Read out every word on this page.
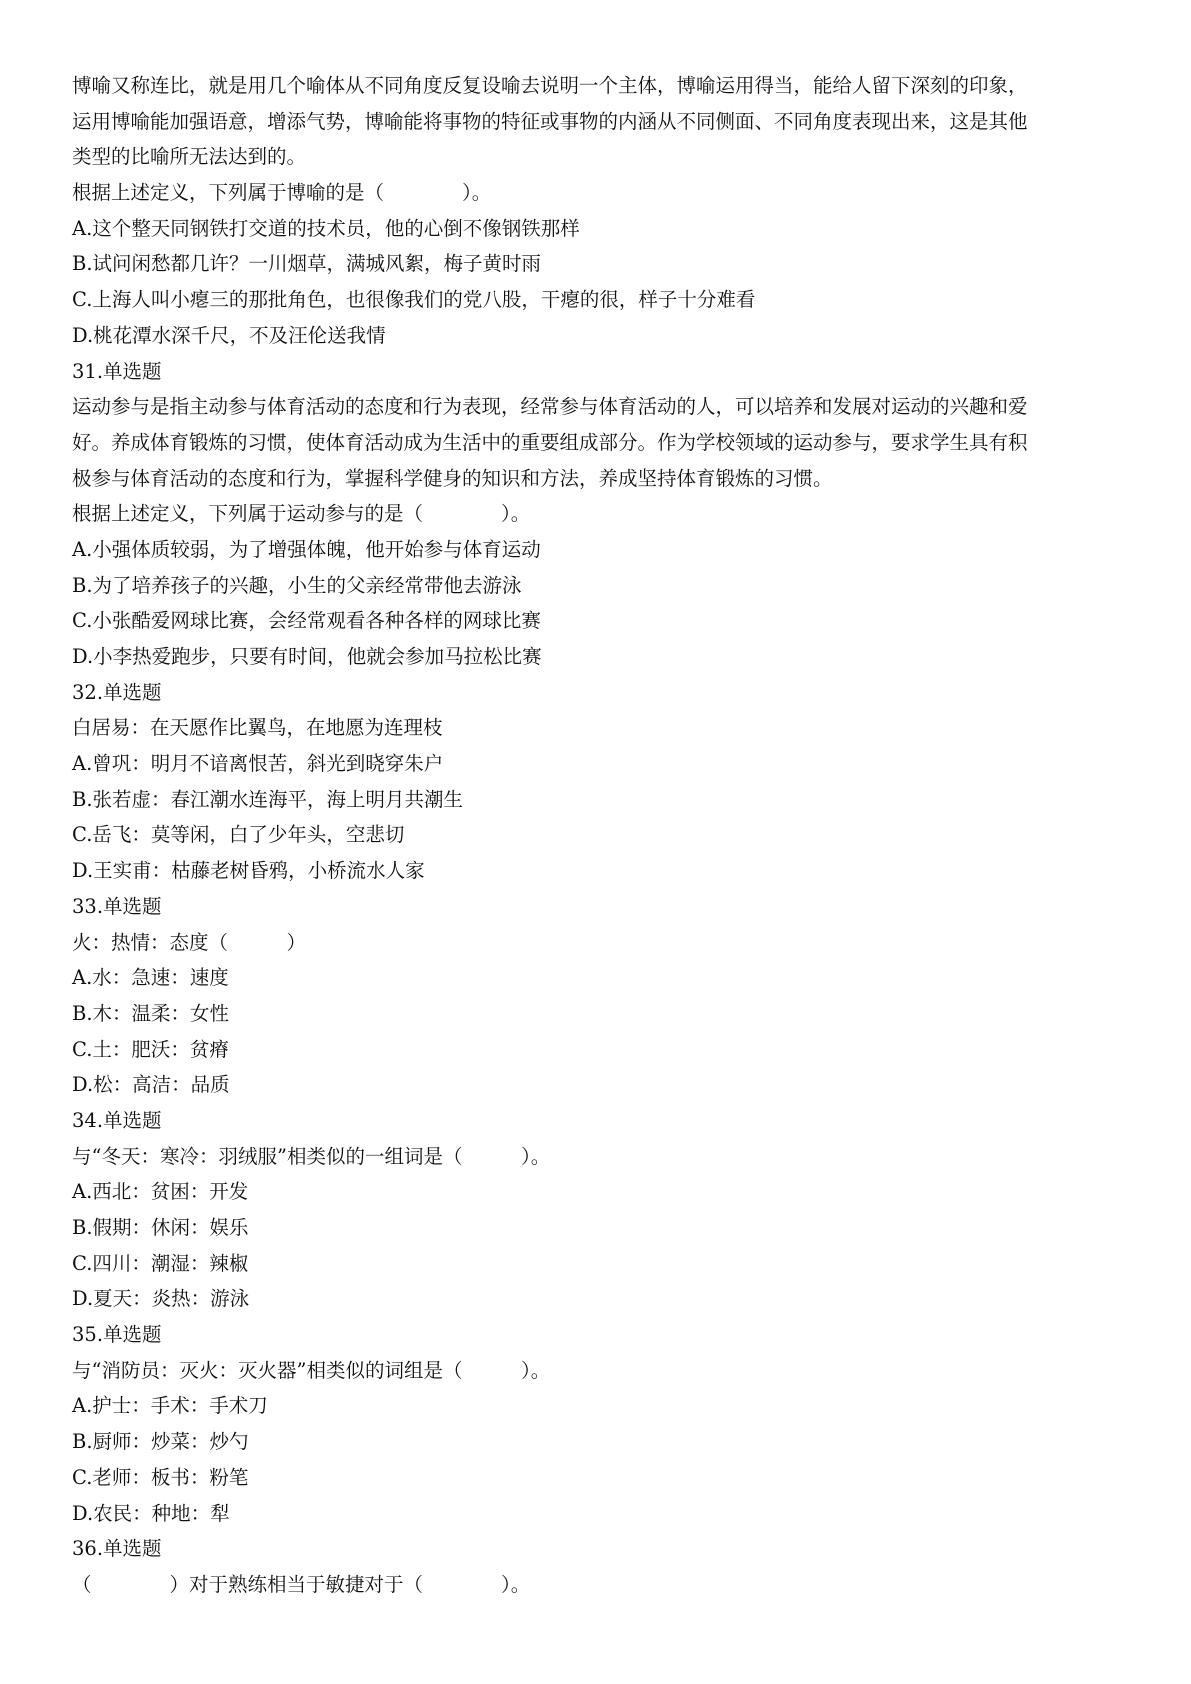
博喻又称连比，就是用几个喻体从不同角度反复设喻去说明一个主体，博喻运用得当，能给人留下深刻的印象，
运用博喻能加强语意，增添气势，博喻能将事物的特征或事物的内涵从不同侧面、不同角度表现出来，这是其他
类型的比喻所无法达到的。
根据上述定义，下列属于博喻的是（　　　　）。
A.这个整天同钢铁打交道的技术员，他的心倒不像钢铁那样
B.试问闲愁都几许？一川烟草，满城风絮，梅子黄时雨
C.上海人叫小瘪三的那批角色，也很像我们的党八股，干瘪的很，样子十分难看
D.桃花潭水深千尺，不及汪伦送我情
31.单选题
运动参与是指主动参与体育活动的态度和行为表现，经常参与体育活动的人，可以培养和发展对运动的兴趣和爱
好。养成体育锻炼的习惯，使体育活动成为生活中的重要组成部分。作为学校领域的运动参与，要求学生具有积
极参与体育活动的态度和行为，掌握科学健身的知识和方法，养成坚持体育锻炼的习惯。
根据上述定义，下列属于运动参与的是（　　　　）。
A.小强体质较弱，为了增强体魄，他开始参与体育运动
B.为了培养孩子的兴趣，小生的父亲经常带他去游泳
C.小张酷爱网球比赛，会经常观看各种各样的网球比赛
D.小李热爱跑步，只要有时间，他就会参加马拉松比赛
32.单选题
白居易：在天愿作比翼鸟，在地愿为连理枝
A.曾巩：明月不谙离恨苦，斜光到晓穿朱户
B.张若虚：春江潮水连海平，海上明月共潮生
C.岳飞：莫等闲，白了少年头，空悲切
D.王实甫：枯藤老树昏鸦，小桥流水人家
33.单选题
火：热情：态度（　　　）
A.水：急速：速度
B.木：温柔：女性
C.土：肥沃：贫瘠
D.松：高洁：品质
34.单选题
与“冬天：寒冷：羽绒服”相类似的一组词是（　　　）。
A.西北：贫困：开发
B.假期：休闲：娱乐
C.四川：潮湿：辣椒
D.夏天：炎热：游泳
35.单选题
与“消防员：灭火：灭火器”相类似的词组是（　　　）。
A.护士：手术：手术刀
B.厨师：炒菜：炒勺
C.老师：板书：粉笔
D.农民：种地：犁
36.单选题
（　　　　）对于熟练相当于敏捷对于（　　　　）。
